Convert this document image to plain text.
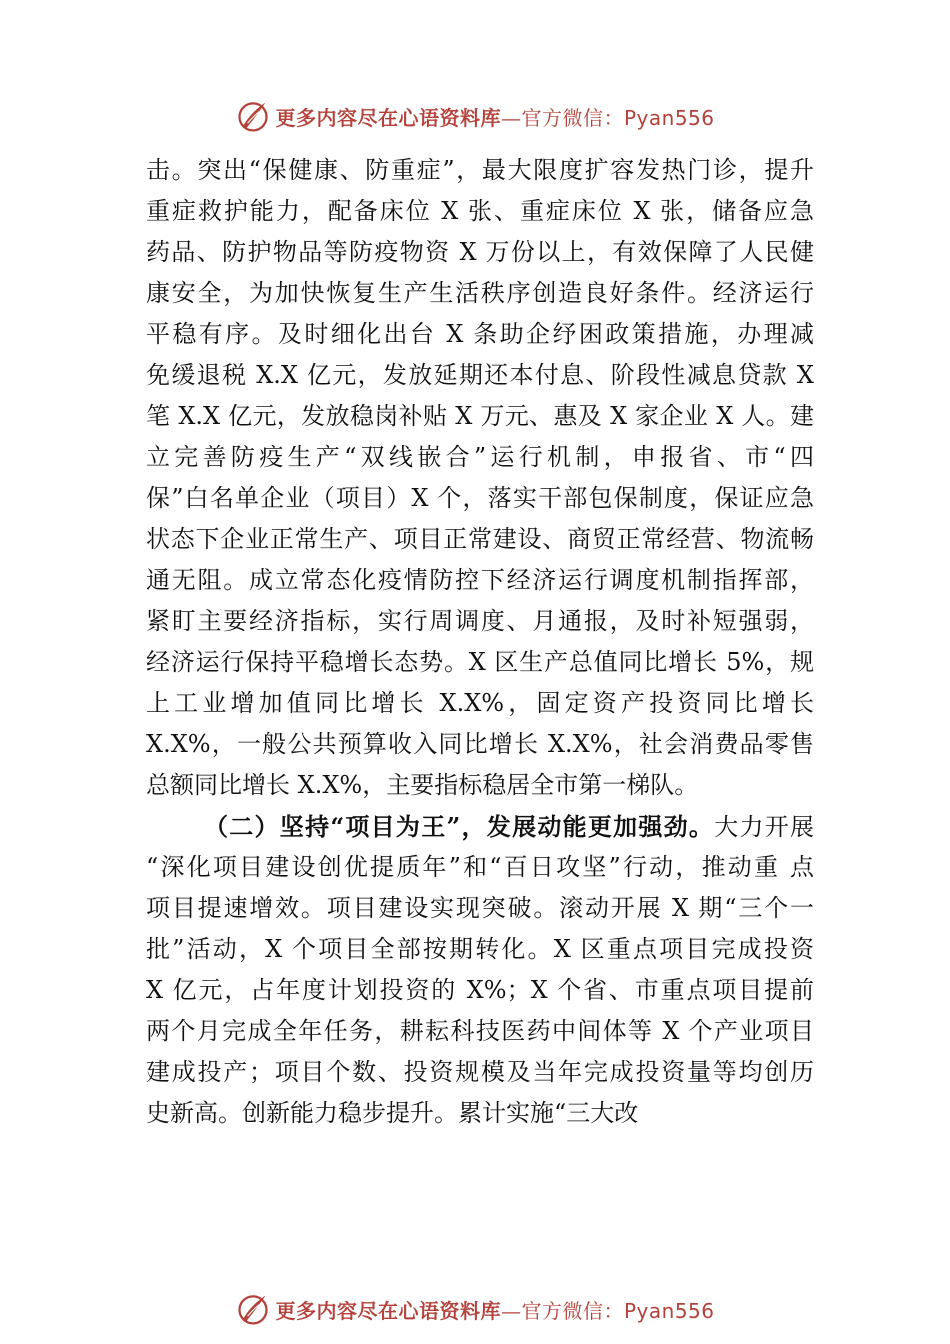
更多内容尽在心语资料库—官方微信：Pyan556
击。突出“保健康、防重症”，最大限度扩容发热门诊，提升
重症救护能力，配备床位 X 张、重症床位 X 张，储备应急
药品、防护物品等防疫物资 X 万份以上，有效保障了人民健
康安全，为加快恢复生产生活秩序创造良好条件。经济运行
平稳有序。及时细化出台 X 条助企纾困政策措施，办理减
免缓退税 X.X 亿元，发放延期还本付息、阶段性减息贷款 X
笔 X.X 亿元，发放稳岗补贴 X 万元、惠及 X 家企业 X 人。建
立完善防疫生产“双线嵌合”运行机制，申报省、市“四
保”白名单企业（项目）X 个，落实干部包保制度，保证应急
状态下企业正常生产、项目正常建设、商贸正常经营、物流畅
通无阻。成立常态化疫情防控下经济运行调度机制指挥部，
紧盯主要经济指标，实行周调度、月通报，及时补短强弱，
经济运行保持平稳增长态势。X 区生产总值同比增长 5%，规
上工业增加值同比增长 X.X%，固定资产投资同比增长
X.X%，一般公共预算收入同比增长 X.X%，社会消费品零售
总额同比增长 X.X%，主要指标稳居全市第一梯队。
（二）坚持“项目为王”，发展动能更加强劲。大力开展
“深化项目建设创优提质年”和“百日攻坚”行动，推动重 点
项目提速增效。项目建设实现突破。滚动开展 X 期“三个一
批”活动，X 个项目全部按期转化。X 区重点项目完成投资
X 亿元，占年度计划投资的 X%；X 个省、市重点项目提前
两个月完成全年任务，耕耘科技医药中间体等 X 个产业项目
建成投产；项目个数、投资规模及当年完成投资量等均创历
史新高。创新能力稳步提升。累计实施“三大改
更多内容尽在心语资料库—官方微信：Pyan556
